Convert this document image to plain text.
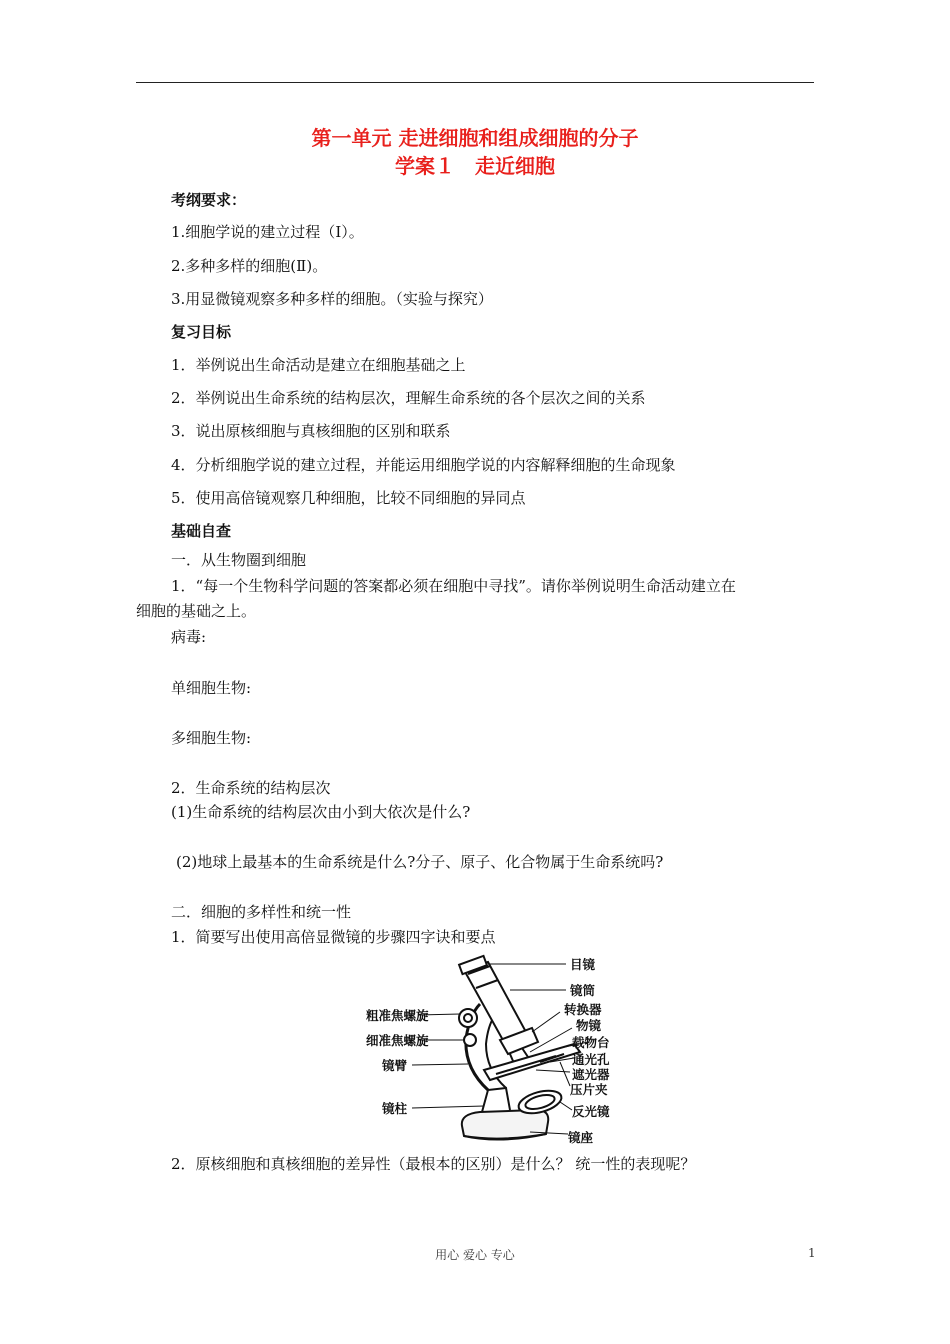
第一单元 走进细胞和组成细胞的分子
学案１　走近细胞
考纲要求：
1.细胞学说的建立过程（Ⅰ）。
2.多种多样的细胞(Ⅱ)。
3.用显微镜观察多种多样的细胞。（实验与探究）
复习目标
1．举例说出生命活动是建立在细胞基础之上
2．举例说出生命系统的结构层次，理解生命系统的各个层次之间的关系
3．说出原核细胞与真核细胞的区别和联系
4．分析细胞学说的建立过程，并能运用细胞学说的内容解释细胞的生命现象
5．使用高倍镜观察几种细胞，比较不同细胞的异同点
基础自查
一．从生物圈到细胞
1．“每一个生物科学问题的答案都必须在细胞中寻找”。请你举例说明生命活动建立在
细胞的基础之上。
病毒:
单细胞生物:
多细胞生物:
2．生命系统的结构层次
(1)生命系统的结构层次由小到大依次是什么?
(2)地球上最基本的生命系统是什么?分子、原子、化合物属于生命系统吗?
二．细胞的多样性和统一性
1．简要写出使用高倍显微镜的步骤四字诀和要点
目镜
镜筒
转换器
物镜
载物台
通光孔
遮光器
压片夹
反光镜
镜座
粗准焦螺旋
细准焦螺旋
镜臂
镜柱
2．原核细胞和真核细胞的差异性（最根本的区别）是什么？ 统一性的表现呢？
用心 爱心 专心	1
